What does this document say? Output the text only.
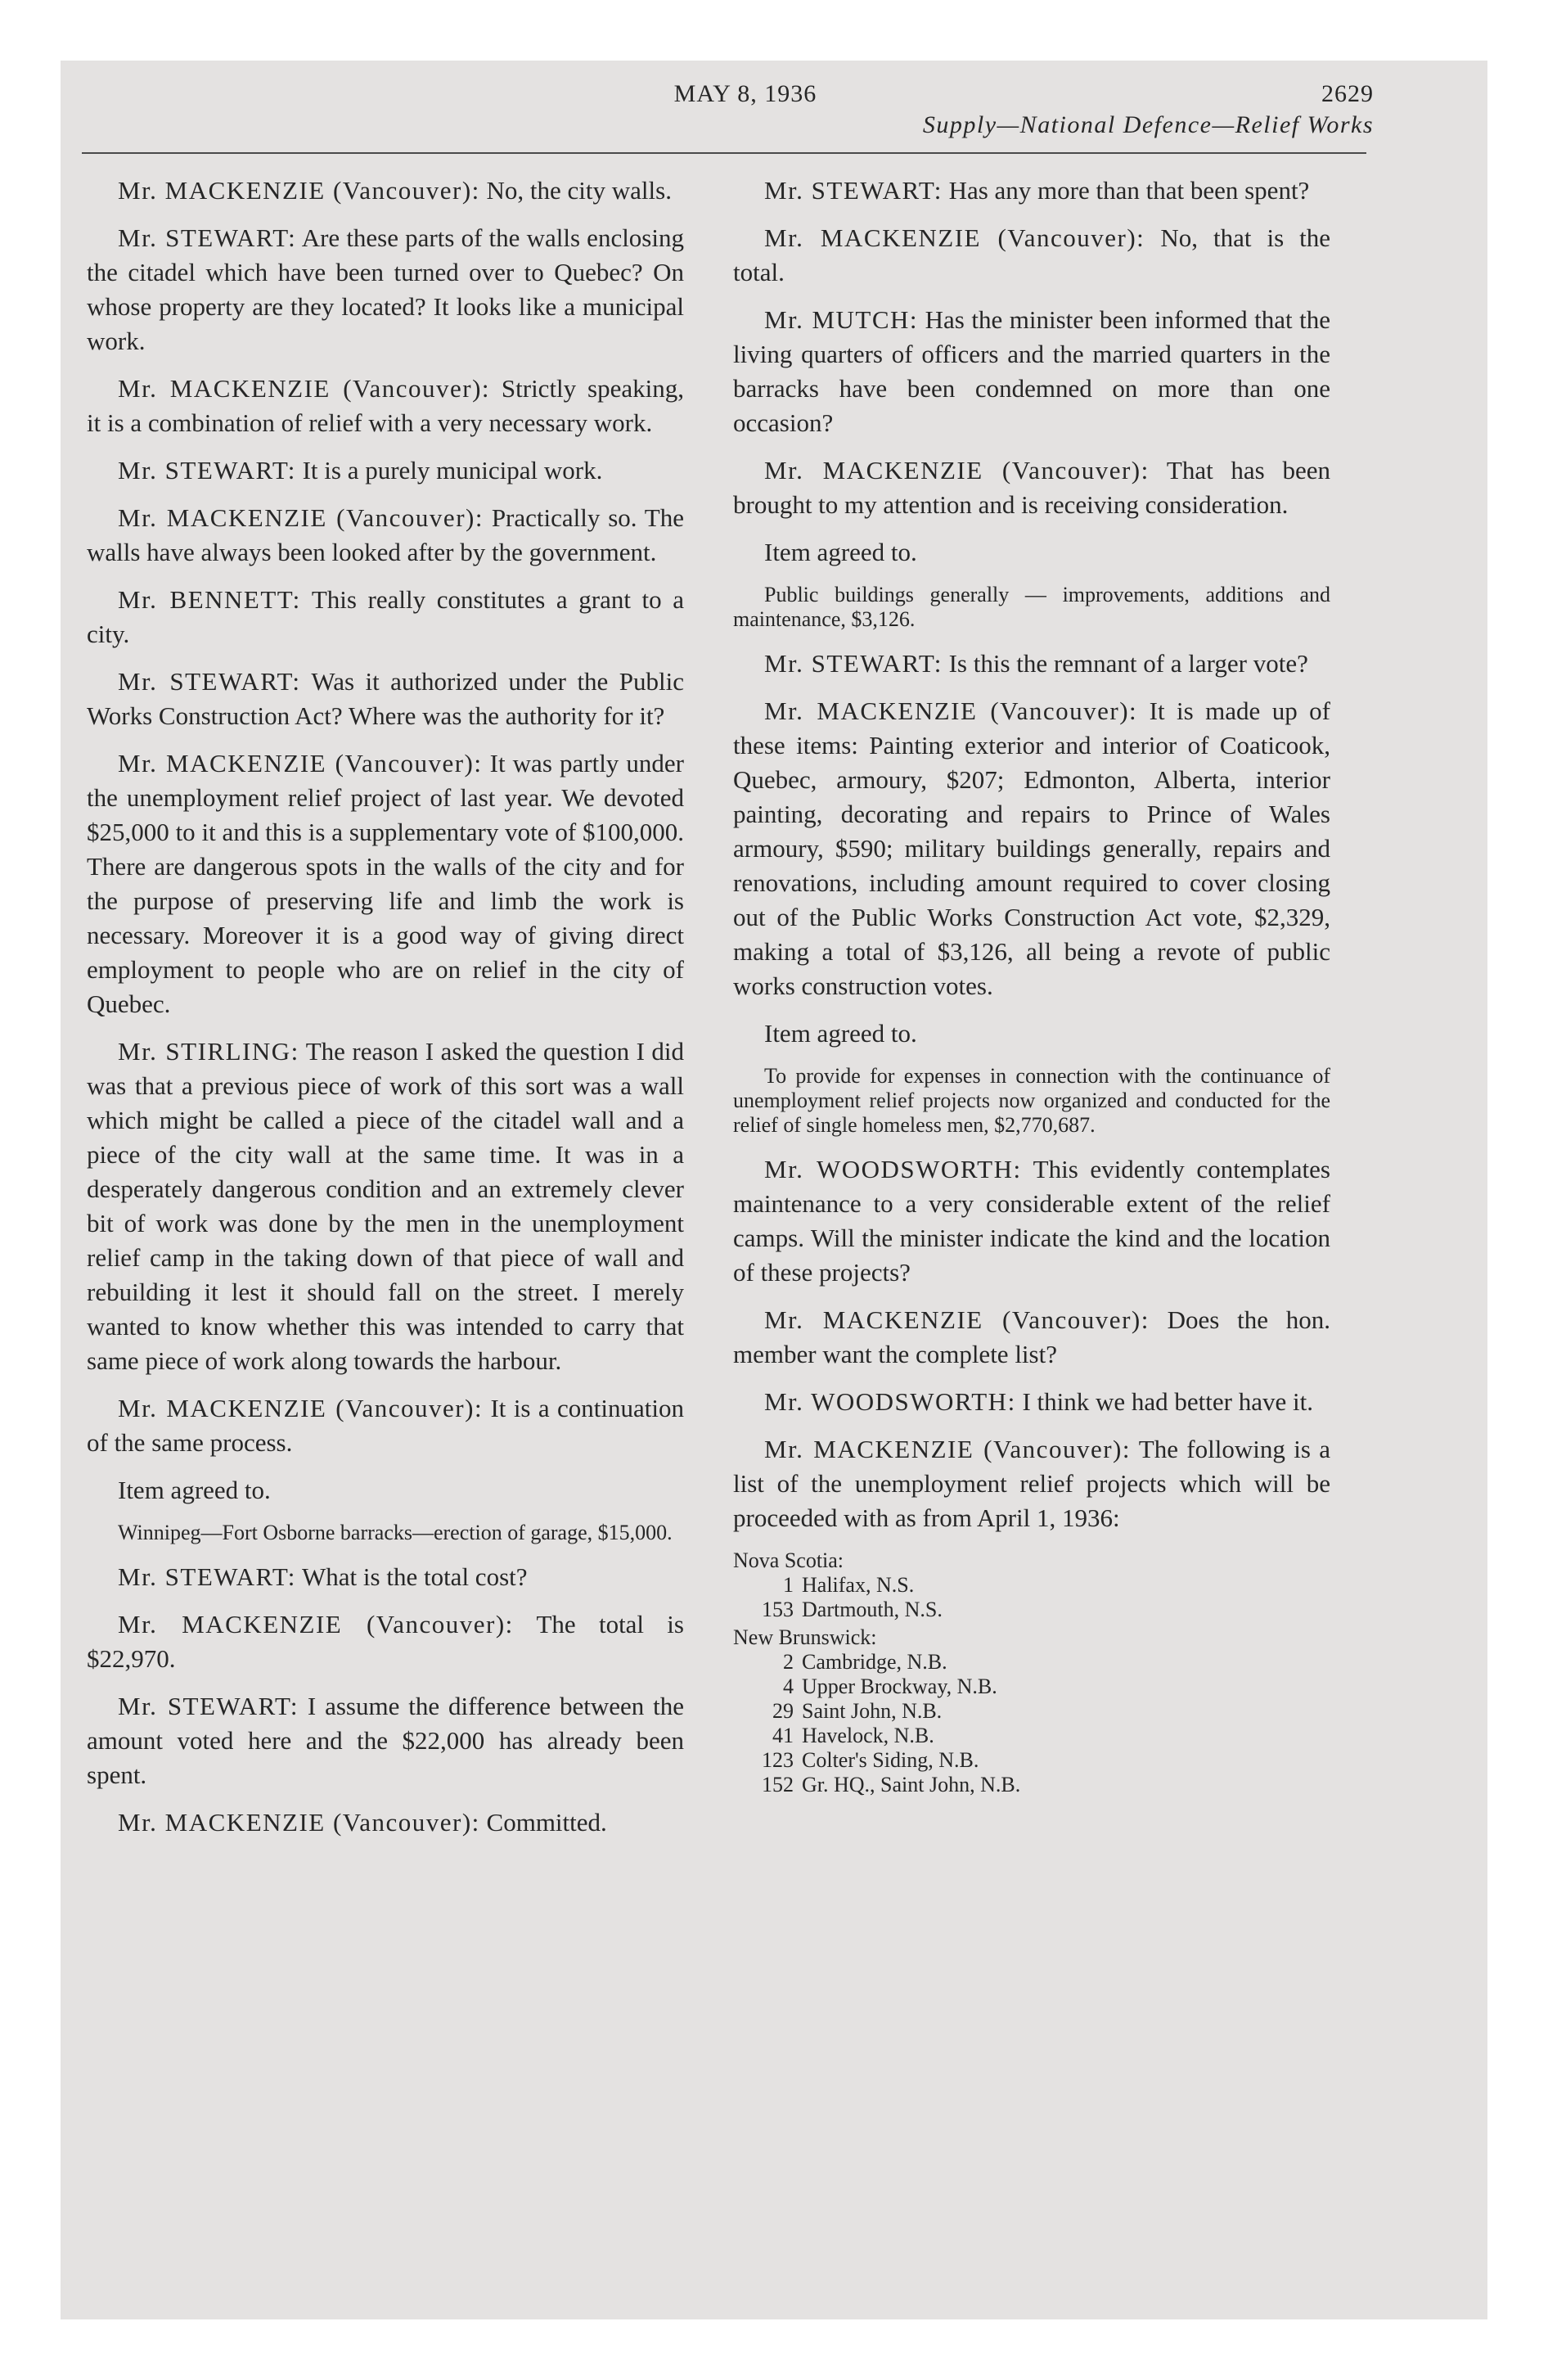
MAY 8, 1936	2629
Supply—National Defence—Relief Works

Mr. MACKENZIE (Vancouver): No, the city walls.

Mr. STEWART: Are these parts of the walls enclosing the citadel which have been turned over to Quebec? On whose property are they located? It looks like a municipal work.

Mr. MACKENZIE (Vancouver): Strictly speaking, it is a combination of relief with a very necessary work.

Mr. STEWART: It is a purely municipal work.

Mr. MACKENZIE (Vancouver): Practically so. The walls have always been looked after by the government.

Mr. BENNETT: This really constitutes a grant to a city.

Mr. STEWART: Was it authorized under the Public Works Construction Act? Where was the authority for it?

Mr. MACKENZIE (Vancouver): It was partly under the unemployment relief project of last year. We devoted $25,000 to it and this is a supplementary vote of $100,000. There are dangerous spots in the walls of the city and for the purpose of preserving life and limb the work is necessary. Moreover it is a good way of giving direct employment to people who are on relief in the city of Quebec.

Mr. STIRLING: The reason I asked the question I did was that a previous piece of work of this sort was a wall which might be called a piece of the citadel wall and a piece of the city wall at the same time. It was in a desperately dangerous condition and an extremely clever bit of work was done by the men in the unemployment relief camp in the taking down of that piece of wall and rebuilding it lest it should fall on the street. I merely wanted to know whether this was intended to carry that same piece of work along towards the harbour.

Mr. MACKENZIE (Vancouver): It is a continuation of the same process.

Item agreed to.

Winnipeg—Fort Osborne barracks—erection of garage, $15,000.

Mr. STEWART: What is the total cost?

Mr. MACKENZIE (Vancouver): The total is $22,970.

Mr. STEWART: I assume the difference between the amount voted here and the $22,000 has already been spent.

Mr. MACKENZIE (Vancouver): Committed.

Mr. STEWART: Has any more than that been spent?

Mr. MACKENZIE (Vancouver): No, that is the total.

Mr. MUTCH: Has the minister been informed that the living quarters of officers and the married quarters in the barracks have been condemned on more than one occasion?

Mr. MACKENZIE (Vancouver): That has been brought to my attention and is receiving consideration.

Item agreed to.

Public buildings generally — improvements, additions and maintenance, $3,126.

Mr. STEWART: Is this the remnant of a larger vote?

Mr. MACKENZIE (Vancouver): It is made up of these items: Painting exterior and interior of Coaticook, Quebec, armoury, $207; Edmonton, Alberta, interior painting, decorating and repairs to Prince of Wales armoury, $590; military buildings generally, repairs and renovations, including amount required to cover closing out of the Public Works Construction Act vote, $2,329, making a total of $3,126, all being a revote of public works construction votes.

Item agreed to.

To provide for expenses in connection with the continuance of unemployment relief projects now organized and conducted for the relief of single homeless men, $2,770,687.

Mr. WOODSWORTH: This evidently contemplates maintenance to a very considerable extent of the relief camps. Will the minister indicate the kind and the location of these projects?

Mr. MACKENZIE (Vancouver): Does the hon. member want the complete list?

Mr. WOODSWORTH: I think we had better have it.

Mr. MACKENZIE (Vancouver): The following is a list of the unemployment relief projects which will be proceeded with as from April 1, 1936:

Nova Scotia:
1 Halifax, N.S.
153 Dartmouth, N.S.
New Brunswick:
2 Cambridge, N.B.
4 Upper Brockway, N.B.
29 Saint John, N.B.
41 Havelock, N.B.
123 Colter's Siding, N.B.
152 Gr. HQ., Saint John, N.B.
